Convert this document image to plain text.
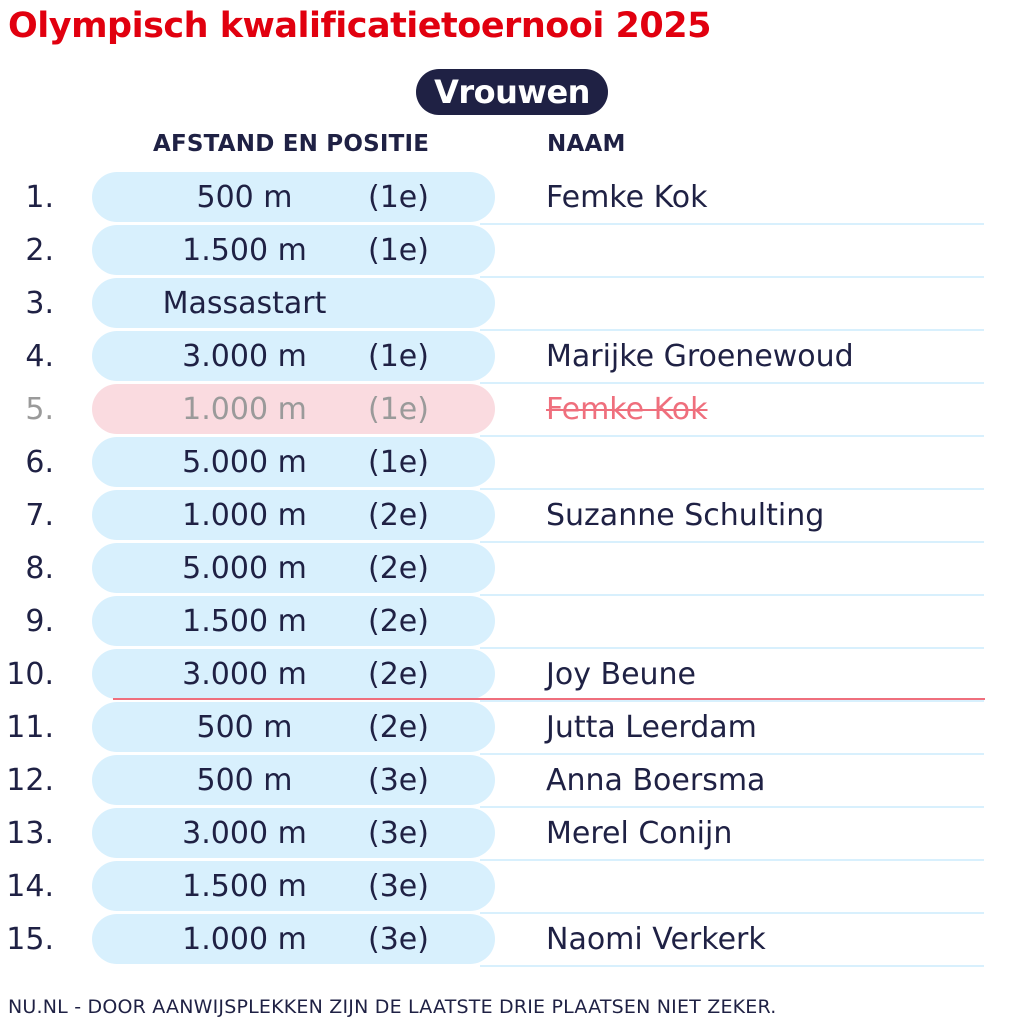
Olympisch kwalificatietoernooi 2025
Vrouwen
AFSTAND EN POSITIE	NAAM
1.	500 m	(1e)	Femke Kok
2.	1.500 m	(1e)
3.	Massastart
4.	3.000 m	(1e)	Marijke Groenewoud
5.	1.000 m	(1e)	Femke Kok
6.	5.000 m	(1e)
7.	1.000 m	(2e)	Suzanne Schulting
8.	5.000 m	(2e)
9.	1.500 m	(2e)
10.	3.000 m	(2e)	Joy Beune
11.	500 m	(2e)	Jutta Leerdam
12.	500 m	(3e)	Anna Boersma
13.	3.000 m	(3e)	Merel Conijn
14.	1.500 m	(3e)
15.	1.000 m	(3e)	Naomi Verkerk
NU.NL - DOOR AANWIJSPLEKKEN ZIJN DE LAATSTE DRIE PLAATSEN NIET ZEKER.
